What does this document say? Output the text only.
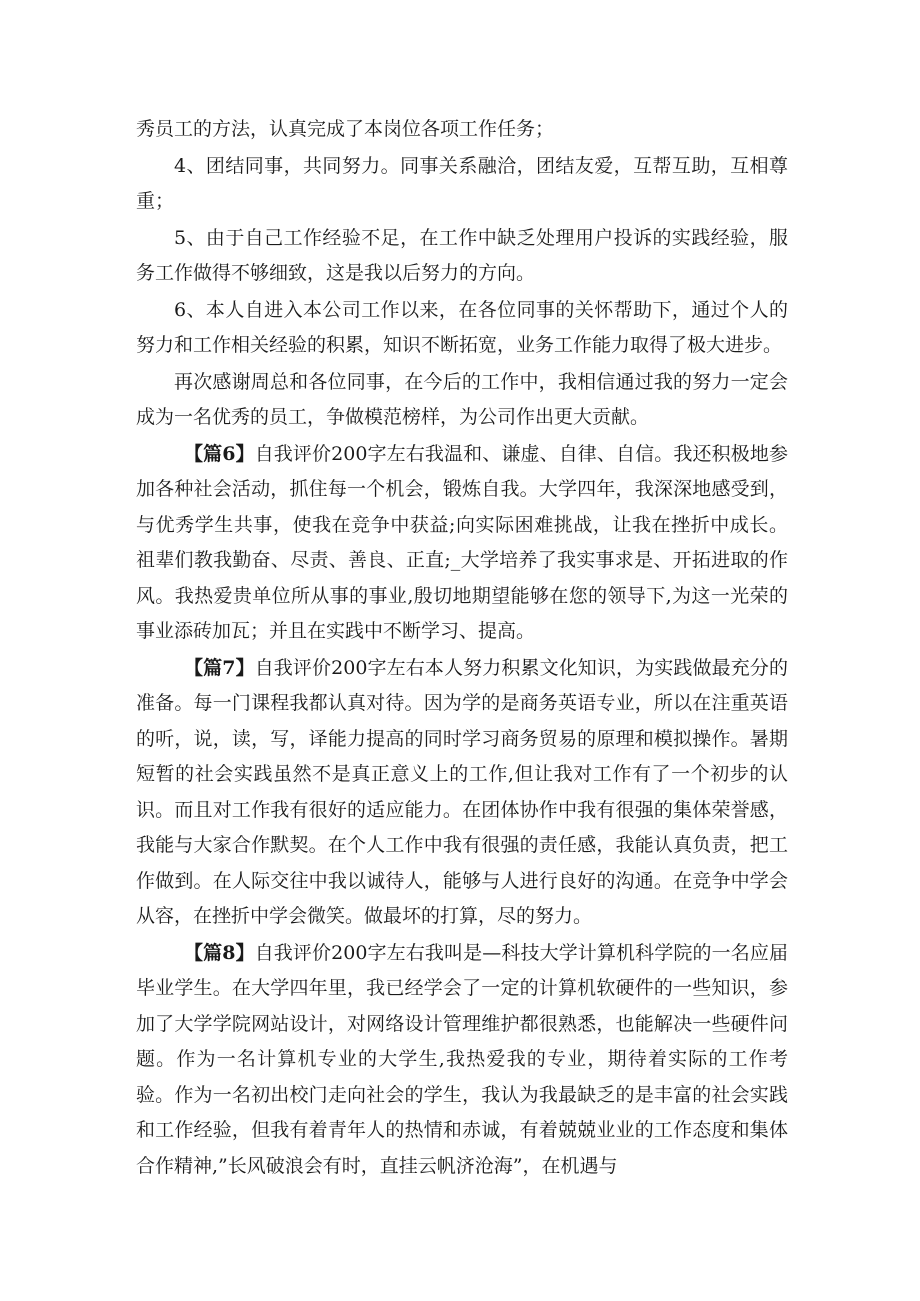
秀员工的方法，认真完成了本岗位各项工作任务；

4、团结同事，共同努力。同事关系融洽，团结友爱，互帮互助，互相尊重；

5、由于自己工作经验不足，在工作中缺乏处理用户投诉的实践经验，服务工作做得不够细致，这是我以后努力的方向。

6、本人自进入本公司工作以来，在各位同事的关怀帮助下，通过个人的努力和工作相关经验的积累，知识不断拓宽，业务工作能力取得了极大进步。

再次感谢周总和各位同事，在今后的工作中，我相信通过我的努力一定会成为一名优秀的员工，争做模范榜样，为公司作出更大贡献。

【篇6】自我评价200字左右我温和、谦虚、自律、自信。我还积极地参加各种社会活动，抓住每一个机会，锻炼自我。大学四年，我深深地感受到，与优秀学生共事，使我在竞争中获益;向实际困难挑战，让我在挫折中成长。祖辈们教我勤奋、尽责、善良、正直;_大学培养了我实事求是、开拓进取的作风。我热爱贵单位所从事的事业,殷切地期望能够在您的领导下,为这一光荣的事业添砖加瓦；并且在实践中不断学习、提高。

【篇7】自我评价200字左右本人努力积累文化知识，为实践做最充分的准备。每一门课程我都认真对待。因为学的是商务英语专业，所以在注重英语的听，说，读，写，译能力提高的同时学习商务贸易的原理和模拟操作。暑期短暂的社会实践虽然不是真正意义上的工作,但让我对工作有了一个初步的认识。而且对工作我有很好的适应能力。在团体协作中我有很强的集体荣誉感，我能与大家合作默契。在个人工作中我有很强的责任感，我能认真负责，把工作做到。在人际交往中我以诚待人，能够与人进行良好的沟通。在竞争中学会从容，在挫折中学会微笑。做最坏的打算，尽的努力。

【篇8】自我评价200字左右我叫是—科技大学计算机科学院的一名应届毕业学生。在大学四年里，我已经学会了一定的计算机软硬件的一些知识，参加了大学学院网站设计，对网络设计管理维护都很熟悉，也能解决一些硬件问题。作为一名计算机专业的大学生,我热爱我的专业，期待着实际的工作考验。作为一名初出校门走向社会的学生，我认为我最缺乏的是丰富的社会实践和工作经验，但我有着青年人的热情和赤诚，有着兢兢业业的工作态度和集体合作精神,”长风破浪会有时，直挂云帆济沧海”，在机遇与
